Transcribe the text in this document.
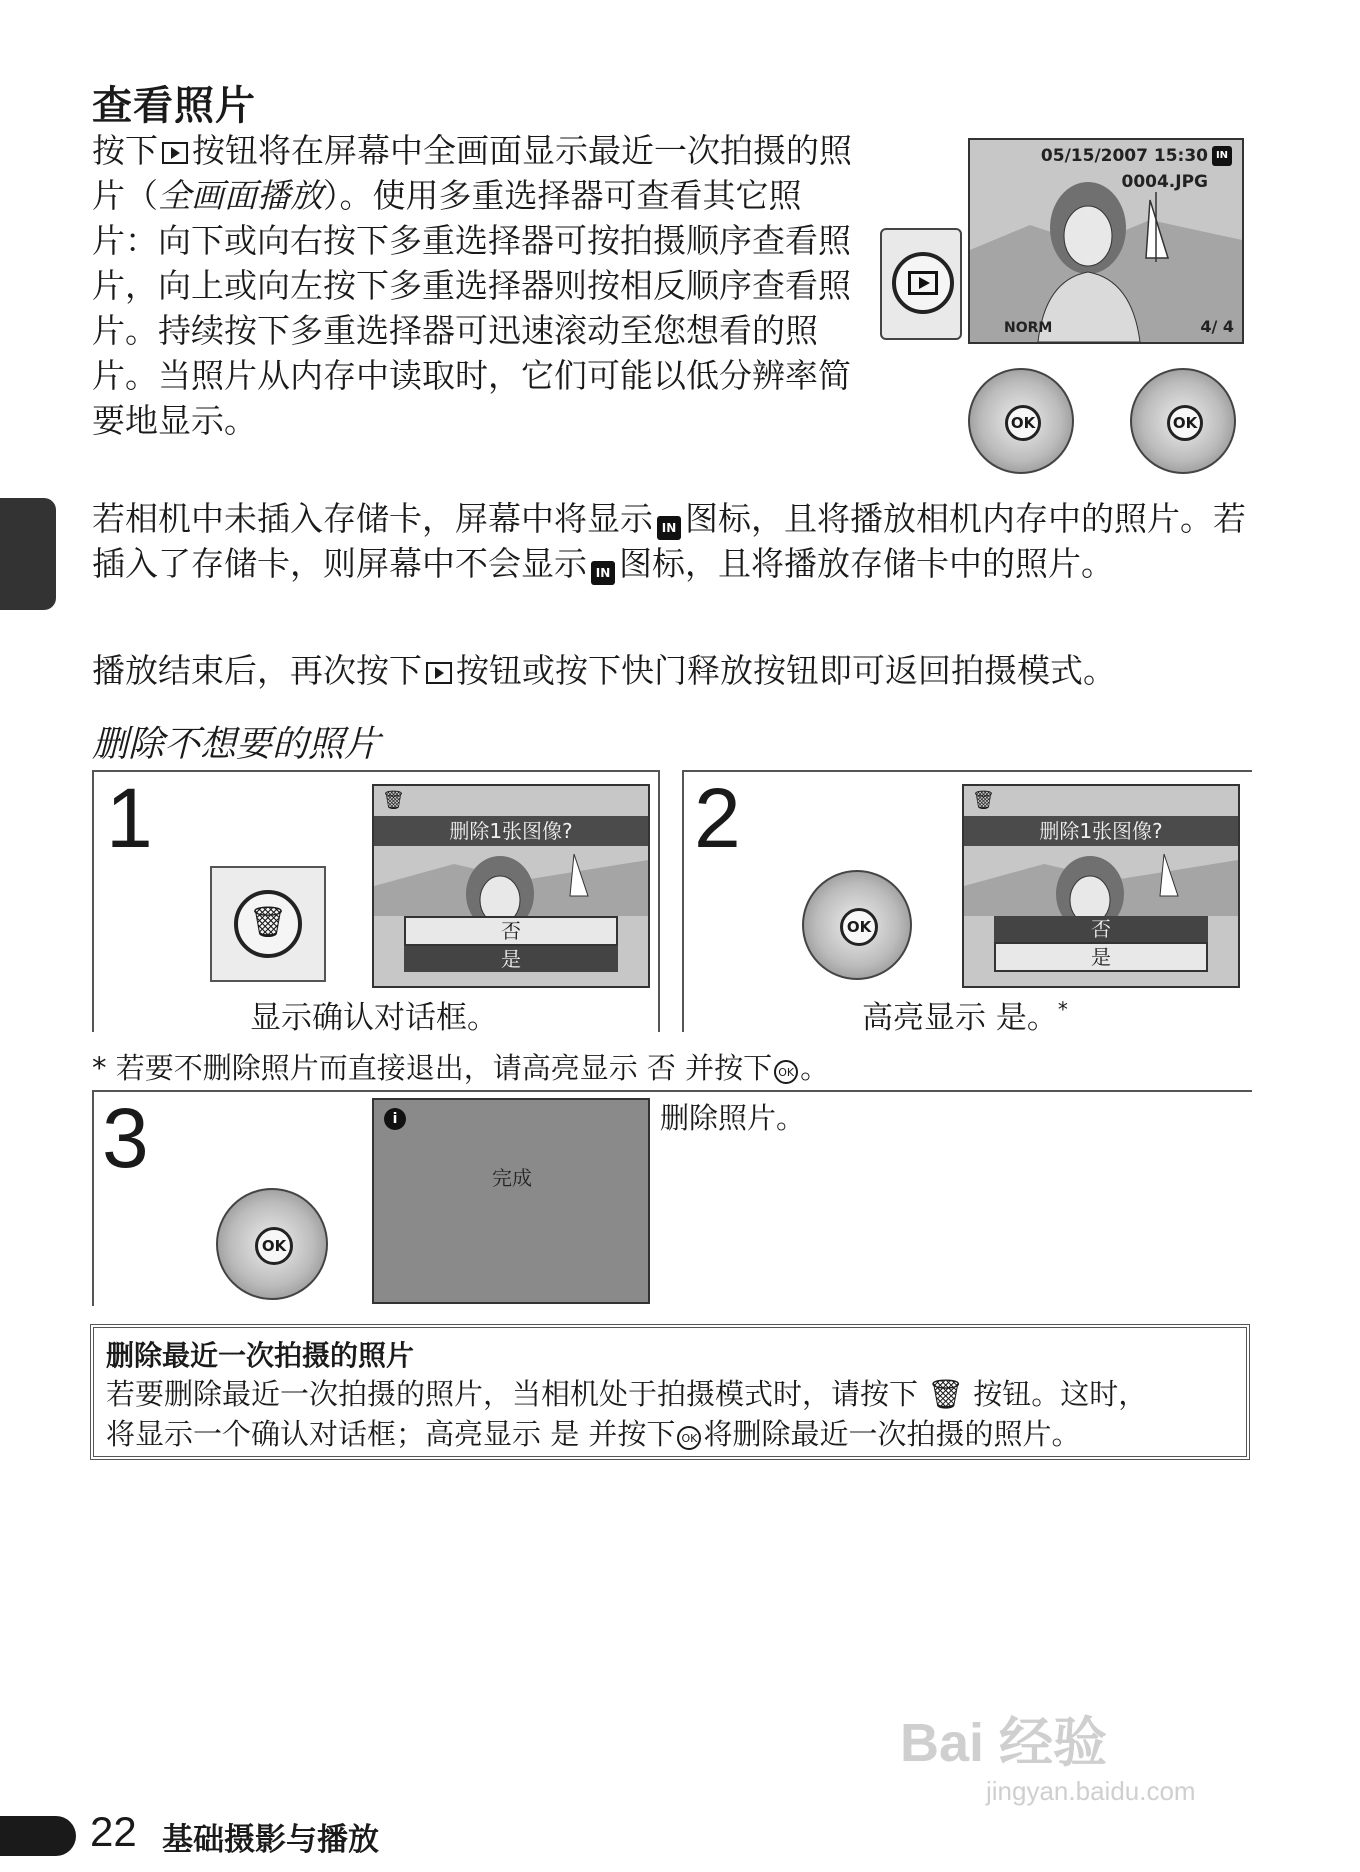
查看照片
按下 按钮将在屏幕中全画面显示最近一次拍摄的照片（全画面播放）。使用多重选择器可查看其它照片：向下或向右按下多重选择器可按拍摄顺序查看照片，向上或向左按下多重选择器则按相反顺序查看照片。持续按下多重选择器可迅速滚动至您想看的照片。当照片从内存中读取时，它们可能以低分辨率简要地显示。
05/15/2007 15:30 IN
0004.JPG
NORM	4/ 4
OK	OK
若相机中未插入存储卡，屏幕中将显示 IN 图标，且将播放相机内存中的照片。若插入了存储卡，则屏幕中不会显示 IN 图标，且将播放存储卡中的照片。
播放结束后，再次按下 按钮或按下快门释放按钮即可返回拍摄模式。
删除不想要的照片
1
🗑
🗑
删除1张图像?
否
是
显示确认对话框。
2
OK
🗑
删除1张图像?
否
是
高亮显示 是。*
* 若要不删除照片而直接退出，请高亮显示 否 并按下 OK 。
3
OK
i
完成
删除照片。
删除最近一次拍摄的照片
若要删除最近一次拍摄的照片，当相机处于拍摄模式时，请按下 🗑 按钮。这时，
将显示一个确认对话框；高亮显示 是 并按下 OK 将删除最近一次拍摄的照片。
Bai 经验
jingyan.baidu.com
22 基础摄影与播放
